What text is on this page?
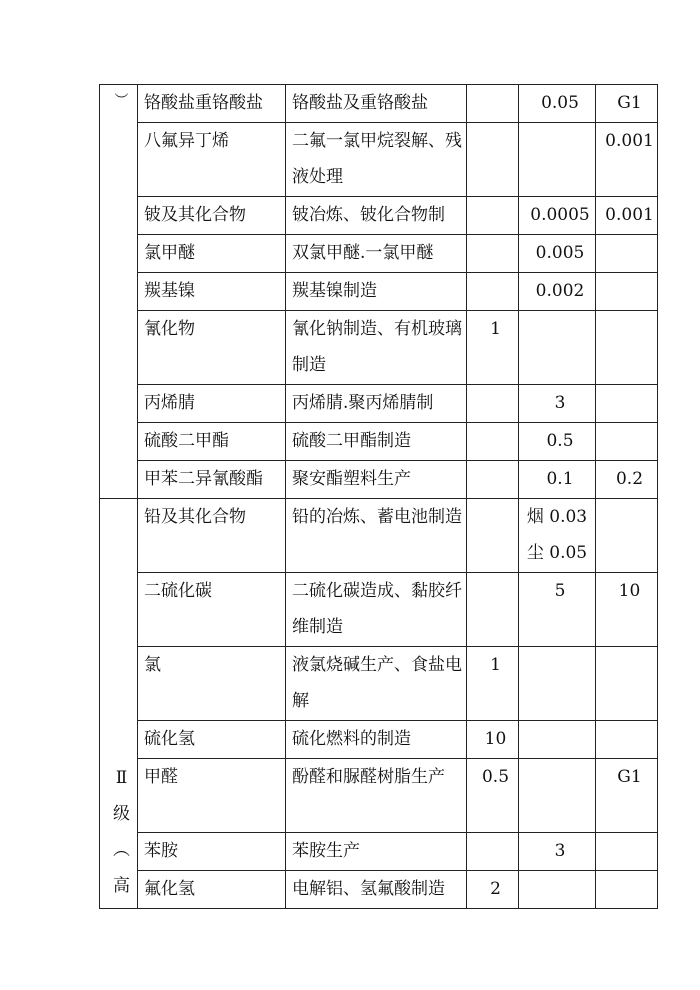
︶	铬酸盐重铬酸盐	铬酸盐及重铬酸盐		0.05	G1
	八氟异丁烯	二氟一氯甲烷裂解、残液处理			0.001
	铍及其化合物	铍冶炼、铍化合物制		0.0005	0.001
	氯甲醚	双氯甲醚.一氯甲醚		0.005	
	羰基镍	羰基镍制造		0.002	
	氰化物	氰化钠制造、有机玻璃制造	1		
	丙烯腈	丙烯腈.聚丙烯腈制		3	
	硫酸二甲酯	硫酸二甲酯制造		0.5	
	甲苯二异氰酸酯	聚安酯塑料生产		0.1	0.2

Ⅱ
级
︵
高	铅及其化合物	铅的冶炼、蓄电池制造		烟 0.03 尘 0.05	
	二硫化碳	二硫化碳造成、黏胶纤维制造		5	10
	氯	液氯烧碱生产、食盐电解	1		
	硫化氢	硫化燃料的制造	10		
	甲醛	酚醛和脲醛树脂生产	0.5		G1
	苯胺	苯胺生产		3	
	氟化氢	电解铝、氢氟酸制造	2		
